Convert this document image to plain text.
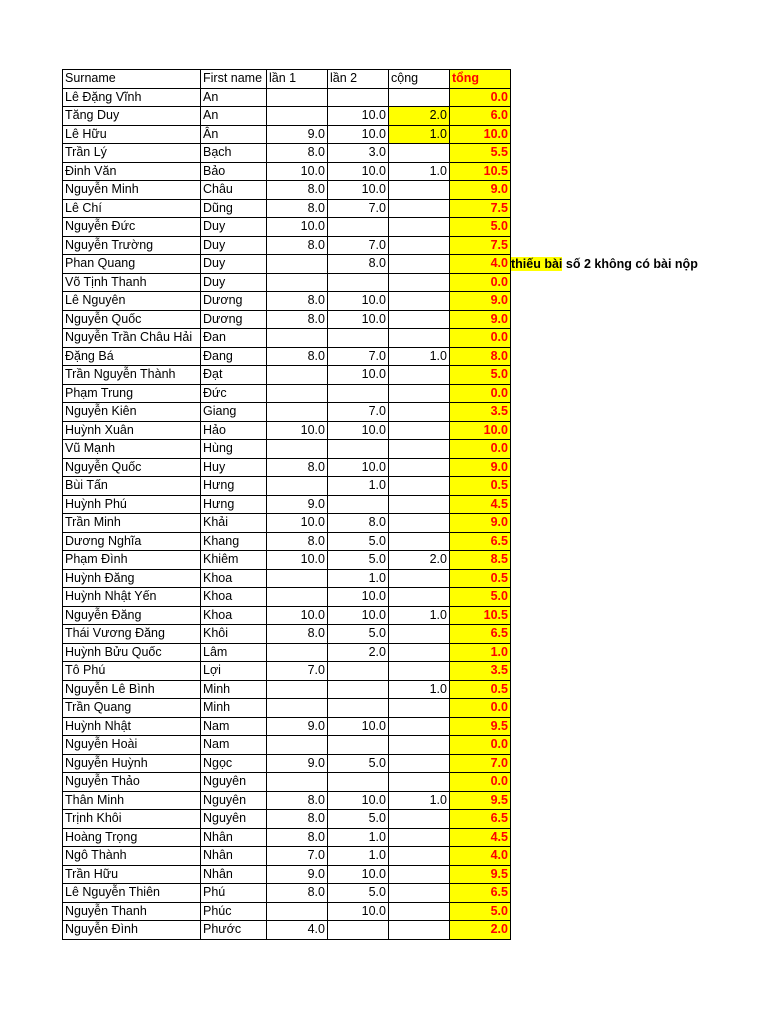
Surname	First name	lần 1	lần 2	cộng	tổng
Lê Đặng Vĩnh	An				0.0
Tăng Duy	An		10.0	2.0	6.0
Lê Hữu	Ân	9.0	10.0	1.0	10.0
Trần Lý	Bạch	8.0	3.0		5.5
Đinh Văn	Bảo	10.0	10.0	1.0	10.5
Nguyễn Minh	Châu	8.0	10.0		9.0
Lê Chí	Dũng	8.0	7.0		7.5
Nguyễn Đức	Duy	10.0			5.0
Nguyễn Trường	Duy	8.0	7.0		7.5
Phan Quang	Duy		8.0		4.0
Võ Tịnh Thanh	Duy				0.0
Lê Nguyên	Dương	8.0	10.0		9.0
Nguyễn Quốc	Dương	8.0	10.0		9.0
Nguyễn Trần Châu Hải	Đan				0.0
Đặng Bá	Đang	8.0	7.0	1.0	8.0
Trần Nguyễn Thành	Đạt		10.0		5.0
Phạm Trung	Đức				0.0
Nguyễn Kiên	Giang		7.0		3.5
Huỳnh Xuân	Hảo	10.0	10.0		10.0
Vũ Mạnh	Hùng				0.0
Nguyễn Quốc	Huy	8.0	10.0		9.0
Bùi Tấn	Hưng		1.0		0.5
Huỳnh Phú	Hưng	9.0			4.5
Trần Minh	Khải	10.0	8.0		9.0
Dương Nghĩa	Khang	8.0	5.0		6.5
Phạm Đình	Khiêm	10.0	5.0	2.0	8.5
Huỳnh Đăng	Khoa		1.0		0.5
Huỳnh Nhật Yến	Khoa		10.0		5.0
Nguyễn Đăng	Khoa	10.0	10.0	1.0	10.5
Thái Vương Đăng	Khôi	8.0	5.0		6.5
Huỳnh Bửu Quốc	Lâm		2.0		1.0
Tô Phú	Lợi	7.0			3.5
Nguyễn Lê Bình	Minh			1.0	0.5
Trần Quang	Minh				0.0
Huỳnh Nhật	Nam	9.0	10.0		9.5
Nguyễn Hoài	Nam				0.0
Nguyễn Huỳnh	Ngọc	9.0	5.0		7.0
Nguyễn Thảo	Nguyên				0.0
Thân Minh	Nguyên	8.0	10.0	1.0	9.5
Trịnh Khôi	Nguyên	8.0	5.0		6.5
Hoàng Trọng	Nhân	8.0	1.0		4.5
Ngô Thành	Nhân	7.0	1.0		4.0
Trần Hữu	Nhân	9.0	10.0		9.5
Lê Nguyễn Thiên	Phú	8.0	5.0		6.5
Nguyễn Thanh	Phúc		10.0		5.0
Nguyễn Đình	Phước	4.0			2.0
thiếu bài số 2 không có bài nộp
